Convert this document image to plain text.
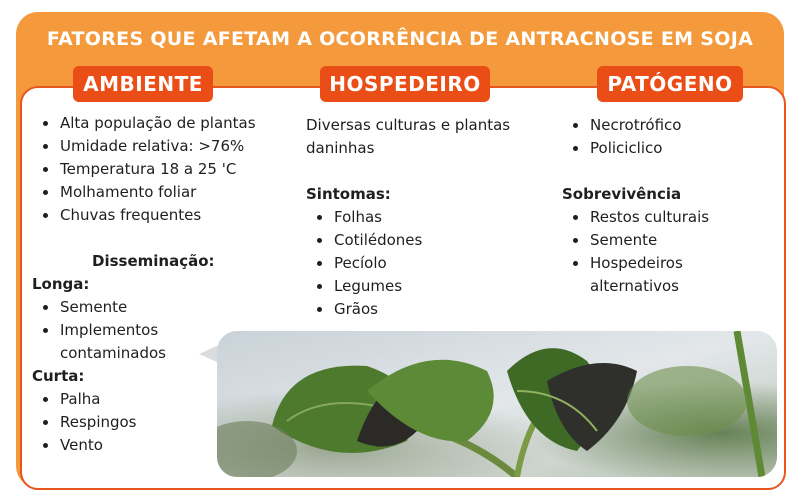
FATORES QUE AFETAM A OCORRÊNCIA DE ANTRACNOSE EM SOJA
AMBIENTE	HOSPEDEIRO	PATÓGENO
Alta população de plantas
Umidade relativa: >76%
Temperatura 18 a 25 'C
Molhamento foliar
Chuvas frequentes
Disseminação:
Longa:
Semente
Implementos contaminados
Curta:
Palha
Respingos
Vento
Diversas culturas e plantas daninhas
Sintomas:
Folhas
Cotilédones
Pecíolo
Legumes
Grãos
Necrotrófico
Policiclico
Sobrevivência
Restos culturais
Semente
Hospedeiros alternativos
